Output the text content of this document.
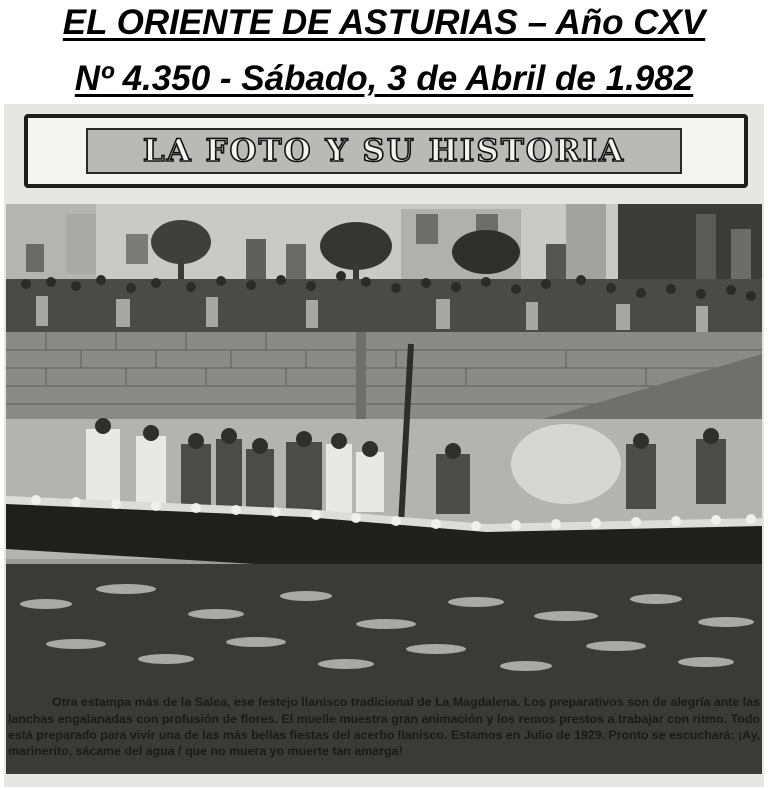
EL ORIENTE DE ASTURIAS – Año CXV
Nº 4.350 - Sábado, 3 de Abril de 1.982
LA FOTO Y SU HISTORIA

Otra estampa más de la Salea, ese festejo llanisco tradicional de La Magdalena. Los preparativos son de alegría ante las lanchas engalanadas con profusión de flores. El muelle muestra gran animación y los remos prestos a trabajar con ritmo. Todo está preparado para vivir una de las más bellas fiestas del acerbo llanisco. Estamos en Julio de 1929. Pronto se escuchará: ¡Ay, marinerito, sácame del agua / que no muera yo muerte tan amarga!
